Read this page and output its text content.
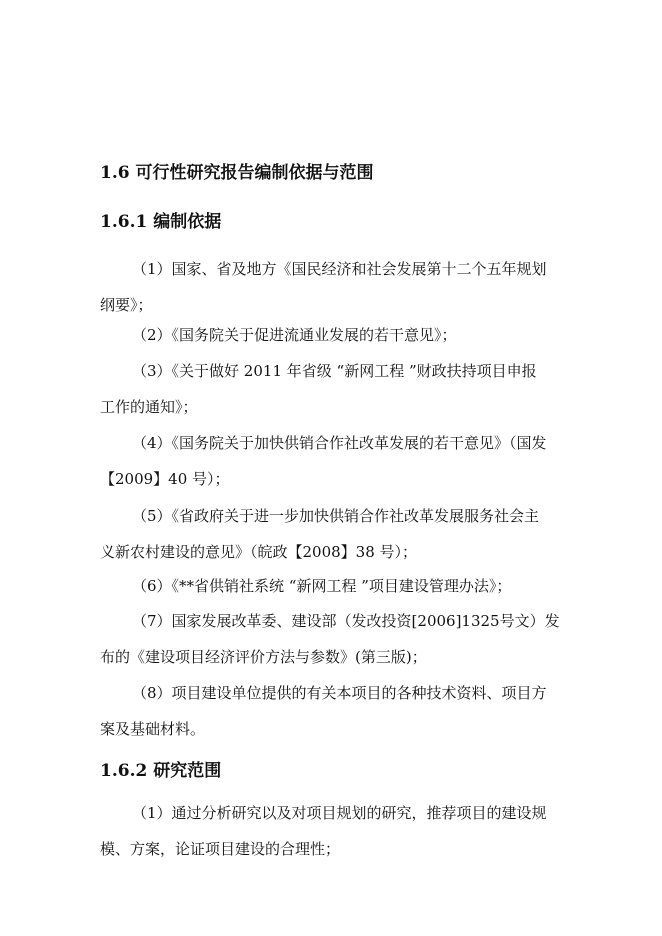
1.6 可行性研究报告编制依据与范围
1.6.1 编制依据
（1）国家、省及地方《国民经济和社会发展第十二个五年规划
纲要》；
（2）《国务院关于促进流通业发展的若干意见》；
（3）《关于做好 2011 年省级 “新网工程 ”财政扶持项目申报
工作的通知》；
（4）《国务院关于加快供销合作社改革发展的若干意见》（国发
【2009】40 号）；
（5）《省政府关于进一步加快供销合作社改革发展服务社会主
义新农村建设的意见》（皖政【2008】38 号）；
（6）《**省供销社系统 “新网工程 ”项目建设管理办法》；
（7）国家发展改革委、建设部（发改投资[2006]1325号文）发
布的《建设项目经济评价方法与参数》(第三版)；
（8）项目建设单位提供的有关本项目的各种技术资料、项目方
案及基础材料。
1.6.2 研究范围
（1）通过分析研究以及对项目规划的研究，推荐项目的建设规
模、方案，论证项目建设的合理性；
